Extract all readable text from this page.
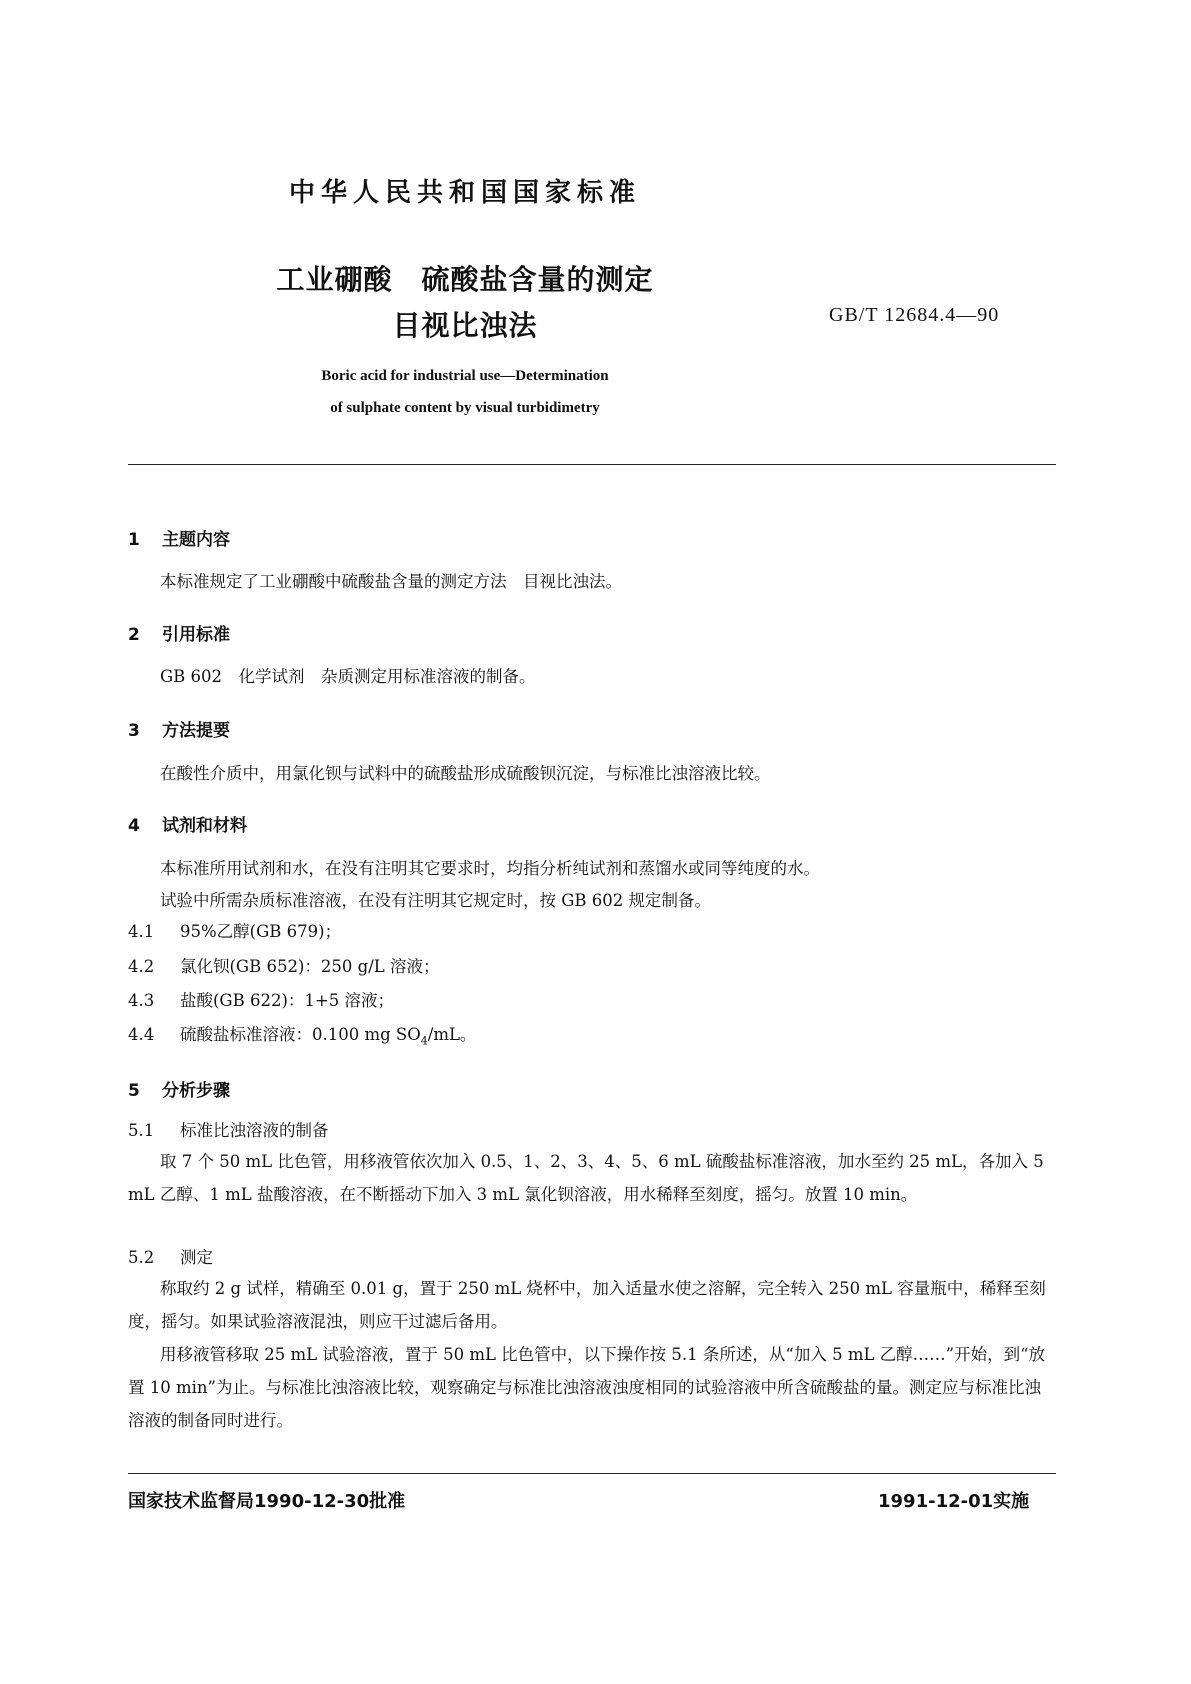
中华人民共和国国家标准
工业硼酸　硫酸盐含量的测定
目视比浊法	GB/T 12684.4—90
Boric acid for industrial use—Determination
of sulphate content by visual turbidimetry
1 主题内容
本标准规定了工业硼酸中硫酸盐含量的测定方法　目视比浊法。
2 引用标准
GB 602　化学试剂　杂质测定用标准溶液的制备。
3 方法提要
在酸性介质中，用氯化钡与试料中的硫酸盐形成硫酸钡沉淀，与标准比浊溶液比较。
4 试剂和材料
本标准所用试剂和水，在没有注明其它要求时，均指分析纯试剂和蒸馏水或同等纯度的水。
试验中所需杂质标准溶液，在没有注明其它规定时，按 GB 602 规定制备。
4.1 95%乙醇(GB 679)；
4.2 氯化钡(GB 652)：250 g/L 溶液；
4.3 盐酸(GB 622)：1+5 溶液；
4.4 硫酸盐标准溶液：0.100 mg $SO_4/mL$。
5 分析步骤
5.1 标准比浊溶液的制备
取 7 个 50 mL 比色管，用移液管依次加入 0.5、1、2、3、4、5、6 mL 硫酸盐标准溶液，加水至约 25 mL，各加入 5 mL 乙醇、1 mL 盐酸溶液，在不断摇动下加入 3 mL 氯化钡溶液，用水稀释至刻度，摇匀。放置 10 min。
5.2 测定
称取约 2 g 试样，精确至 0.01 g，置于 250 mL 烧杯中，加入适量水使之溶解，完全转入 250 mL 容量瓶中，稀释至刻度，摇匀。如果试验溶液混浊，则应干过滤后备用。
用移液管移取 25 mL 试验溶液，置于 50 mL 比色管中，以下操作按 5.1 条所述，从“加入 5 mL 乙醇……”开始，到“放置 10 min”为止。与标准比浊溶液比较，观察确定与标准比浊溶液浊度相同的试验溶液中所含硫酸盐的量。测定应与标准比浊溶液的制备同时进行。
国家技术监督局1990-12-30批准	1991-12-01实施
